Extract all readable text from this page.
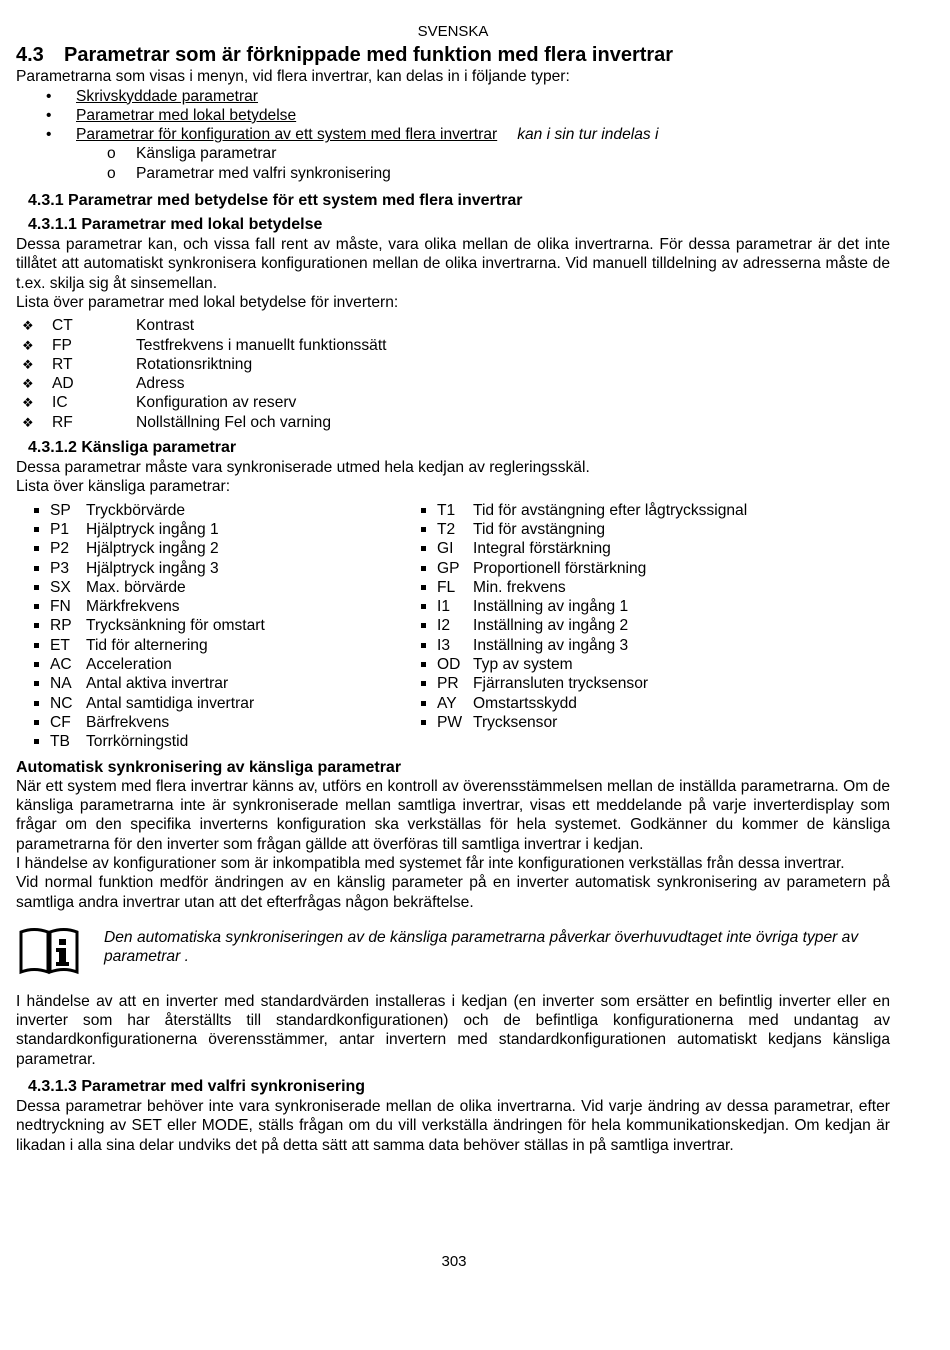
SVENSKA
4.3 Parametrar som är förknippade med funktion med flera invertrar

Parametrarna som visas i menyn, vid flera invertrar, kan delas in i följande typer:

• Skrivskyddade parametrar
• Parametrar med lokal betydelse
• Parametrar för konfiguration av ett system med flera invertrar kan i sin tur indelas i
o Känsliga parametrar
o Parametrar med valfri synkronisering
4.3.1 Parametrar med betydelse för ett system med flera invertrar
4.3.1.1 Parametrar med lokal betydelse

Dessa parametrar kan, och vissa fall rent av måste, vara olika mellan de olika invertrarna. För dessa parametrar är det inte tillåtet att automatiskt synkronisera konfigurationen mellan de olika invertrarna. Vid manuell tilldelning av adresserna måste de t.ex. skilja sig åt sinsemellan.

Lista över parametrar med lokal betydelse för invertern:

❖ CT	Kontrast
❖ FP	Testfrekvens i manuellt funktionssätt
❖ RT	Rotationsriktning
❖ AD	Adress
❖ IC	Konfiguration av reserv
❖ RF	Nollställning Fel och varning
4.3.1.2 Känsliga parametrar

Dessa parametrar måste vara synkroniserade utmed hela kedjan av regleringsskäl.

Lista över känsliga parametrar:

SP Tryckbörvärde
P1 Hjälptryck ingång 1
P2 Hjälptryck ingång 2
P3 Hjälptryck ingång 3
SX Max. börvärde
FN Märkfrekvens
RP Trycksänkning för omstart
ET Tid för alternering
AC Acceleration
NA Antal aktiva invertrar
NC Antal samtidiga invertrar
CF Bärfrekvens
TB Torrkörningstid
T1 Tid för avstängning efter lågtryckssignal
T2 Tid för avstängning
GI Integral förstärkning
GP Proportionell förstärkning
FL Min. frekvens
I1 Inställning av ingång 1
I2 Inställning av ingång 2
I3 Inställning av ingång 3
OD Typ av system
PR Fjärransluten trycksensor
AY Omstartsskydd
PW Trycksensor
Automatisk synkronisering av känsliga parametrar

När ett system med flera invertrar känns av, utförs en kontroll av överensstämmelsen mellan de inställda parametrarna. Om de känsliga parametrarna inte är synkroniserade mellan samtliga invertrar, visas ett meddelande på varje inverterdisplay som frågar om den specifika inverterns konfiguration ska verkställas för hela systemet. Godkänner du kommer de känsliga parametrarna för den inverter som frågan gällde att överföras till samtliga invertrar i kedjan.

I händelse av konfigurationer som är inkompatibla med systemet får inte konfigurationen verkställas från dessa invertrar.

Vid normal funktion medför ändringen av en känslig parameter på en inverter automatisk synkronisering av parametern på samtliga andra invertrar utan att det efterfrågas någon bekräftelse.

Den automatiska synkroniseringen av de känsliga parametrarna påverkar överhuvudtaget inte övriga typer av parametrar .

I händelse av att en inverter med standardvärden installeras i kedjan (en inverter som ersätter en befintlig inverter eller en inverter som har återställts till standardkonfigurationen) och de befintliga konfigurationerna med undantag av standardkonfigurationerna överensstämmer, antar invertern med standardkonfigurationen automatiskt kedjans känsliga parametrar.

4.3.1.3 Parametrar med valfri synkronisering

Dessa parametrar behöver inte vara synkroniserade mellan de olika invertrarna. Vid varje ändring av dessa parametrar, efter nedtryckning av SET eller MODE, ställs frågan om du vill verkställa ändringen för hela kommunikationskedjan. Om kedjan är likadan i alla sina delar undviks det på detta sätt att samma data behöver ställas in på samtliga invertrar.

303
